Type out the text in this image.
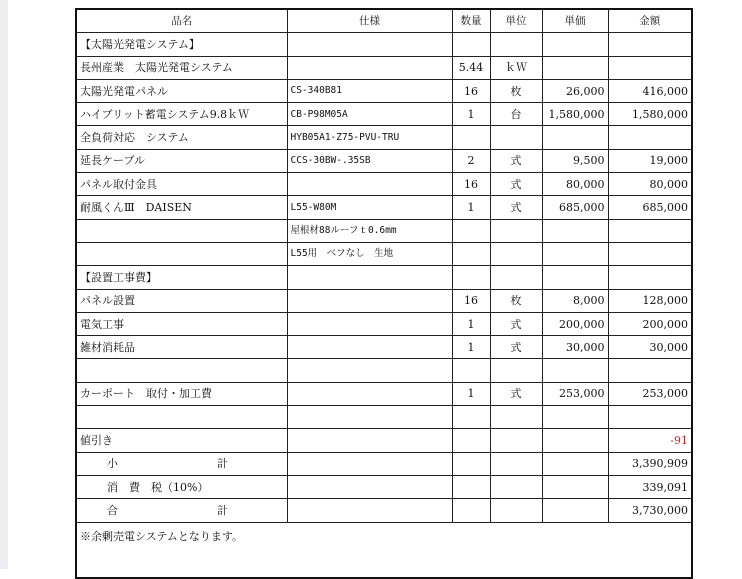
品名	仕様	数量	単位	単価	金額
【太陽光発電システム】					
長州産業　太陽光発電システム		5.44	ｋＷ		
太陽光発電パネル	CS-340B81	16	枚	26,000	416,000
ハイブリット蓄電システム9.8ｋＷ	CB-P98M05A	1	台	1,580,000	1,580,000
全負荷対応　システム	HYB05A1-Z75-PVU-TRU				
延長ケーブル	CCS-30BW-.35SB	2	式	9,500	19,000
パネル取付金具		16	式	80,000	80,000
耐風くんⅢ　DAISEN	L55-W80M	1	式	685,000	685,000
	屋根材88ルーフｔ0.6mm				
	L55用　ベフなし　生地				
【設置工事費】					
パネル設置		16	枚	8,000	128,000
電気工事		1	式	200,000	200,000
雑材消耗品		1	式	30,000	30,000

カーポート　取付・加工費		1	式	253,000	253,000

値引き					-91
小 計					3,390,909
消　費　税（10%）					339,091
合 計					3,730,000
※余剰売電システムとなります。					
